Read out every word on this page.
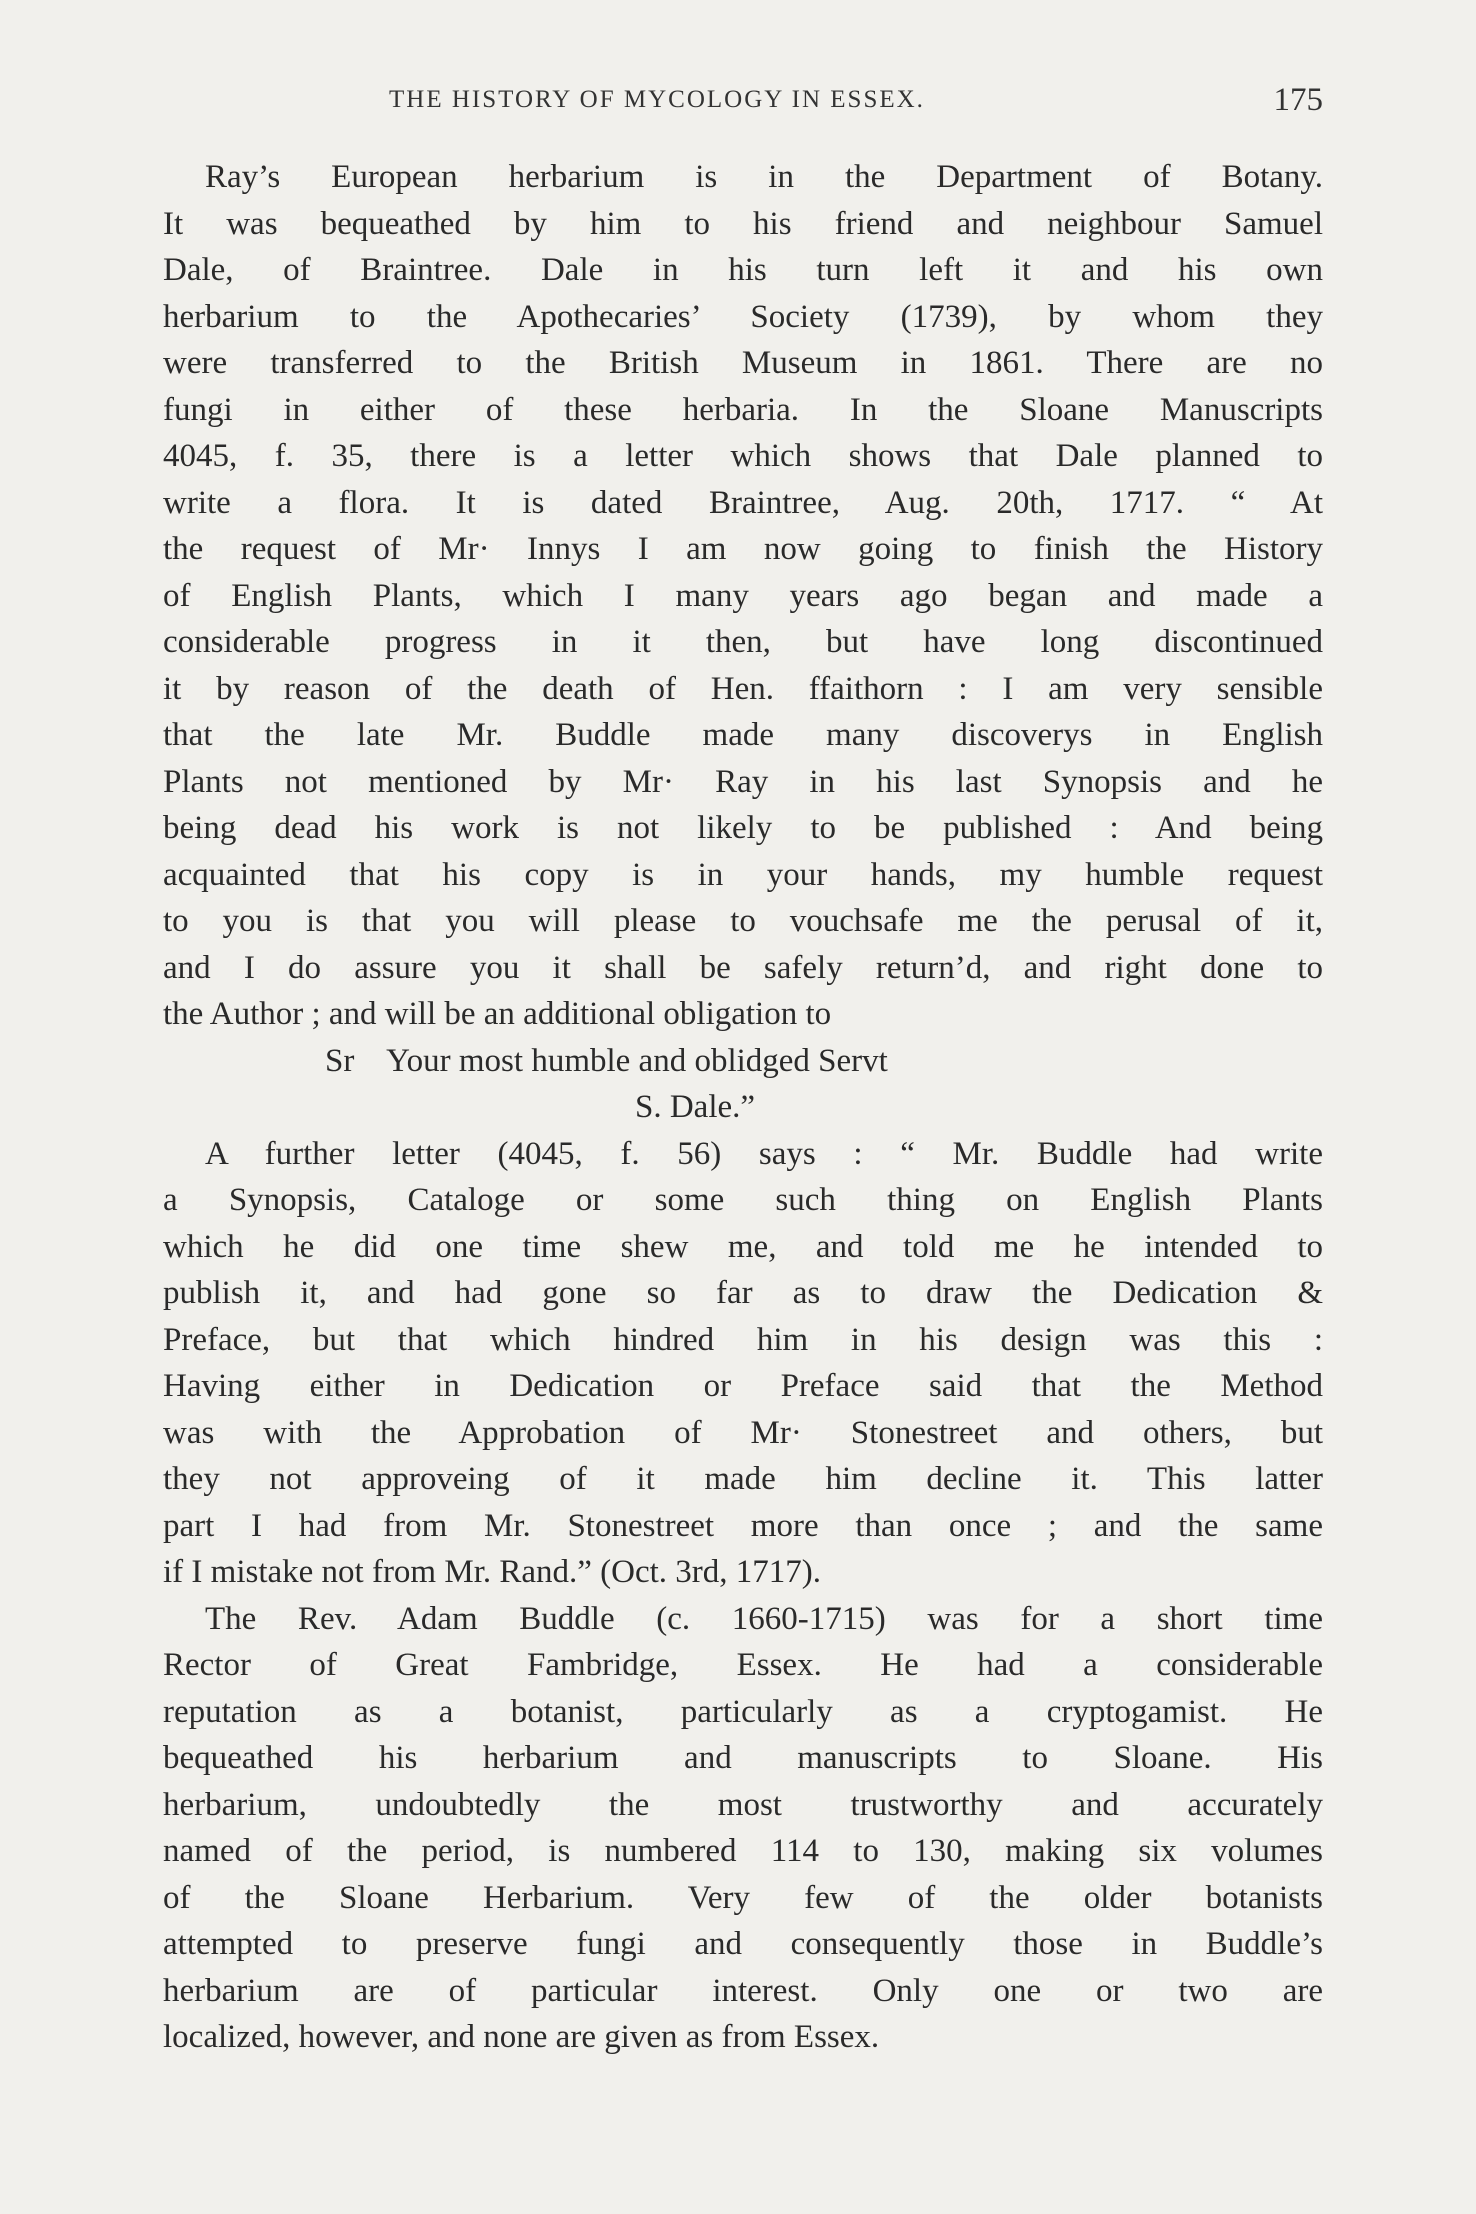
THE HISTORY OF MYCOLOGY IN ESSEX.	175
Ray’s European herbarium is in the Department of Botany.
It was bequeathed by him to his friend and neighbour Samuel
Dale, of Braintree. Dale in his turn left it and his own
herbarium to the Apothecaries’ Society (1739), by whom they
were transferred to the British Museum in 1861. There are no
fungi in either of these herbaria. In the Sloane Manuscripts
4045, f. 35, there is a letter which shows that Dale planned to
write a flora. It is dated Braintree, Aug. 20th, 1717. “ At
the request of Mr· Innys I am now going to finish the History
of English Plants, which I many years ago began and made a
considerable progress in it then, but have long discontinued
it by reason of the death of Hen. ffaithorn : I am very sensible
that the late Mr. Buddle made many discoverys in English
Plants not mentioned by Mr· Ray in his last Synopsis and he
being dead his work is not likely to be published : And being
acquainted that his copy is in your hands, my humble request
to you is that you will please to vouchsafe me the perusal of it,
and I do assure you it shall be safely return’d, and right done to
the Author ; and will be an additional obligation to
Sr    Your most humble and oblidged Servt
S. Dale.”
A further letter (4045, f. 56) says : “ Mr. Buddle had write
a Synopsis, Cataloge or some such thing on English Plants
which he did one time shew me, and told me he intended to
publish it, and had gone so far as to draw the Dedication &
Preface, but that which hindred him in his design was this :
Having either in Dedication or Preface said that the Method
was with the Approbation of Mr· Stonestreet and others, but
they not approveing of it made him decline it. This latter
part I had from Mr. Stonestreet more than once ; and the same
if I mistake not from Mr. Rand.” (Oct. 3rd, 1717).
The Rev. Adam Buddle (c. 1660-1715) was for a short time
Rector of Great Fambridge, Essex. He had a considerable
reputation as a botanist, particularly as a cryptogamist. He
bequeathed his herbarium and manuscripts to Sloane. His
herbarium, undoubtedly the most trustworthy and accurately
named of the period, is numbered 114 to 130, making six volumes
of the Sloane Herbarium. Very few of the older botanists
attempted to preserve fungi and consequently those in Buddle’s
herbarium are of particular interest. Only one or two are
localized, however, and none are given as from Essex.
